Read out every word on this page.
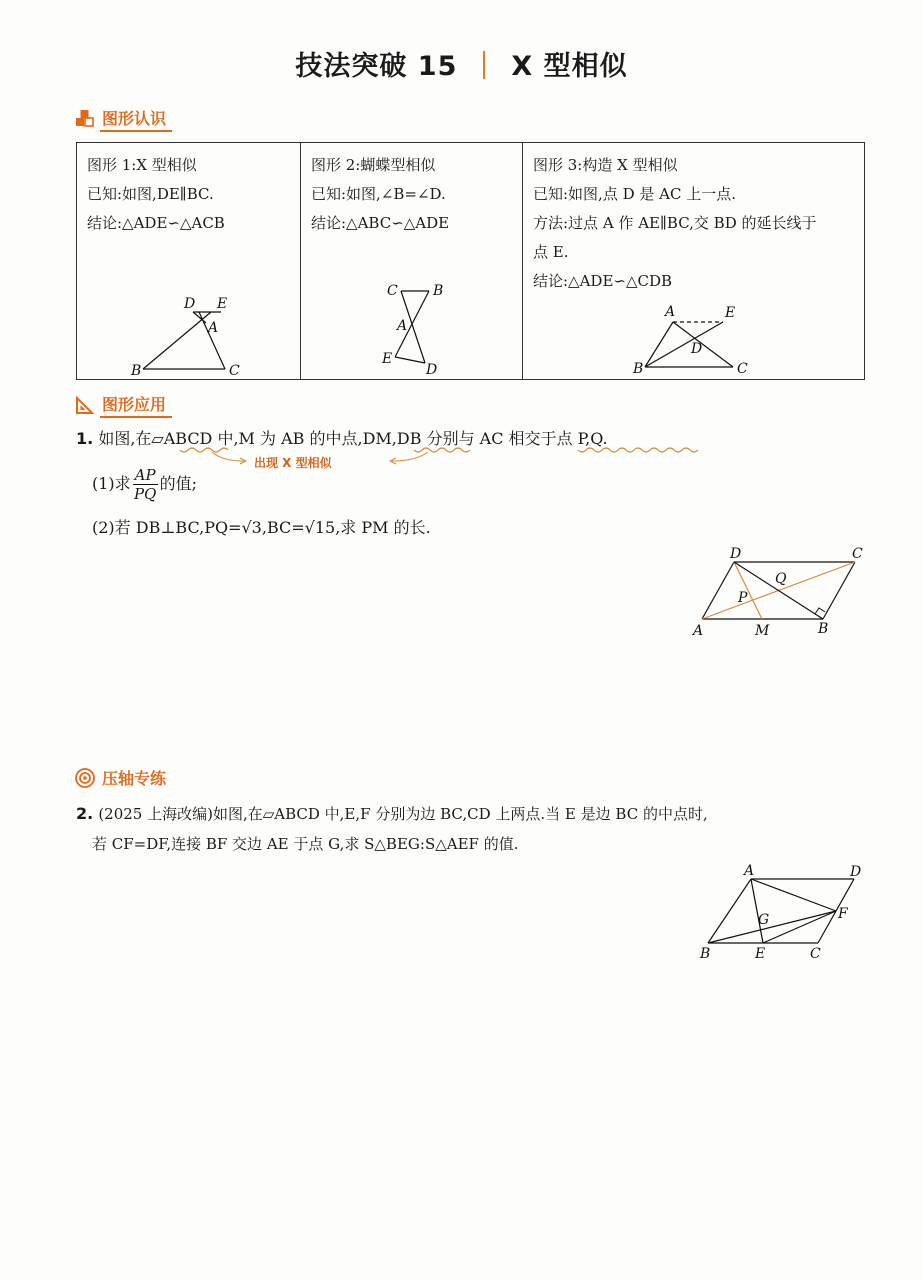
技法突破 15 X 型相似
图形认识
图形 1:X 型相似
已知:如图,DE∥BC.
结论:△ADE∽△ACB
D E
A
B	C

图形 2:蝴蝶型相似
已知:如图,∠B=∠D.
结论:△ABC∽△ADE
C	B
A
E
D

图形 3:构造 X 型相似
已知:如图,点 D 是 AC 上一点.
方法:过点 A 作 AE∥BC,交 BD 的延长线于
点 E.
结论:△ADE∽△CDB
A	E
D
B	C
图形应用
1. 如图,在▱ABCD 中,M 为 AB 的中点,DM,DB 分别与 AC 相交于点 P,Q.
(1)求 $\frac{AP}{PQ}$ 的值;
(2)若 DB⊥BC,PQ=√3,BC=√15,求 PM 的长.
出现 X 型相似
D	C
Q
P
A	M	B
压轴专练
2. (2025 上海改编)如图,在▱ABCD 中,E,F 分别为边 BC,CD 上两点.当 E 是边 BC 的中点时,
若 CF=DF,连接 BF 交边 AE 于点 G,求 S△BEG:S△AEF 的值.
A	D
G	F
B	E	C
